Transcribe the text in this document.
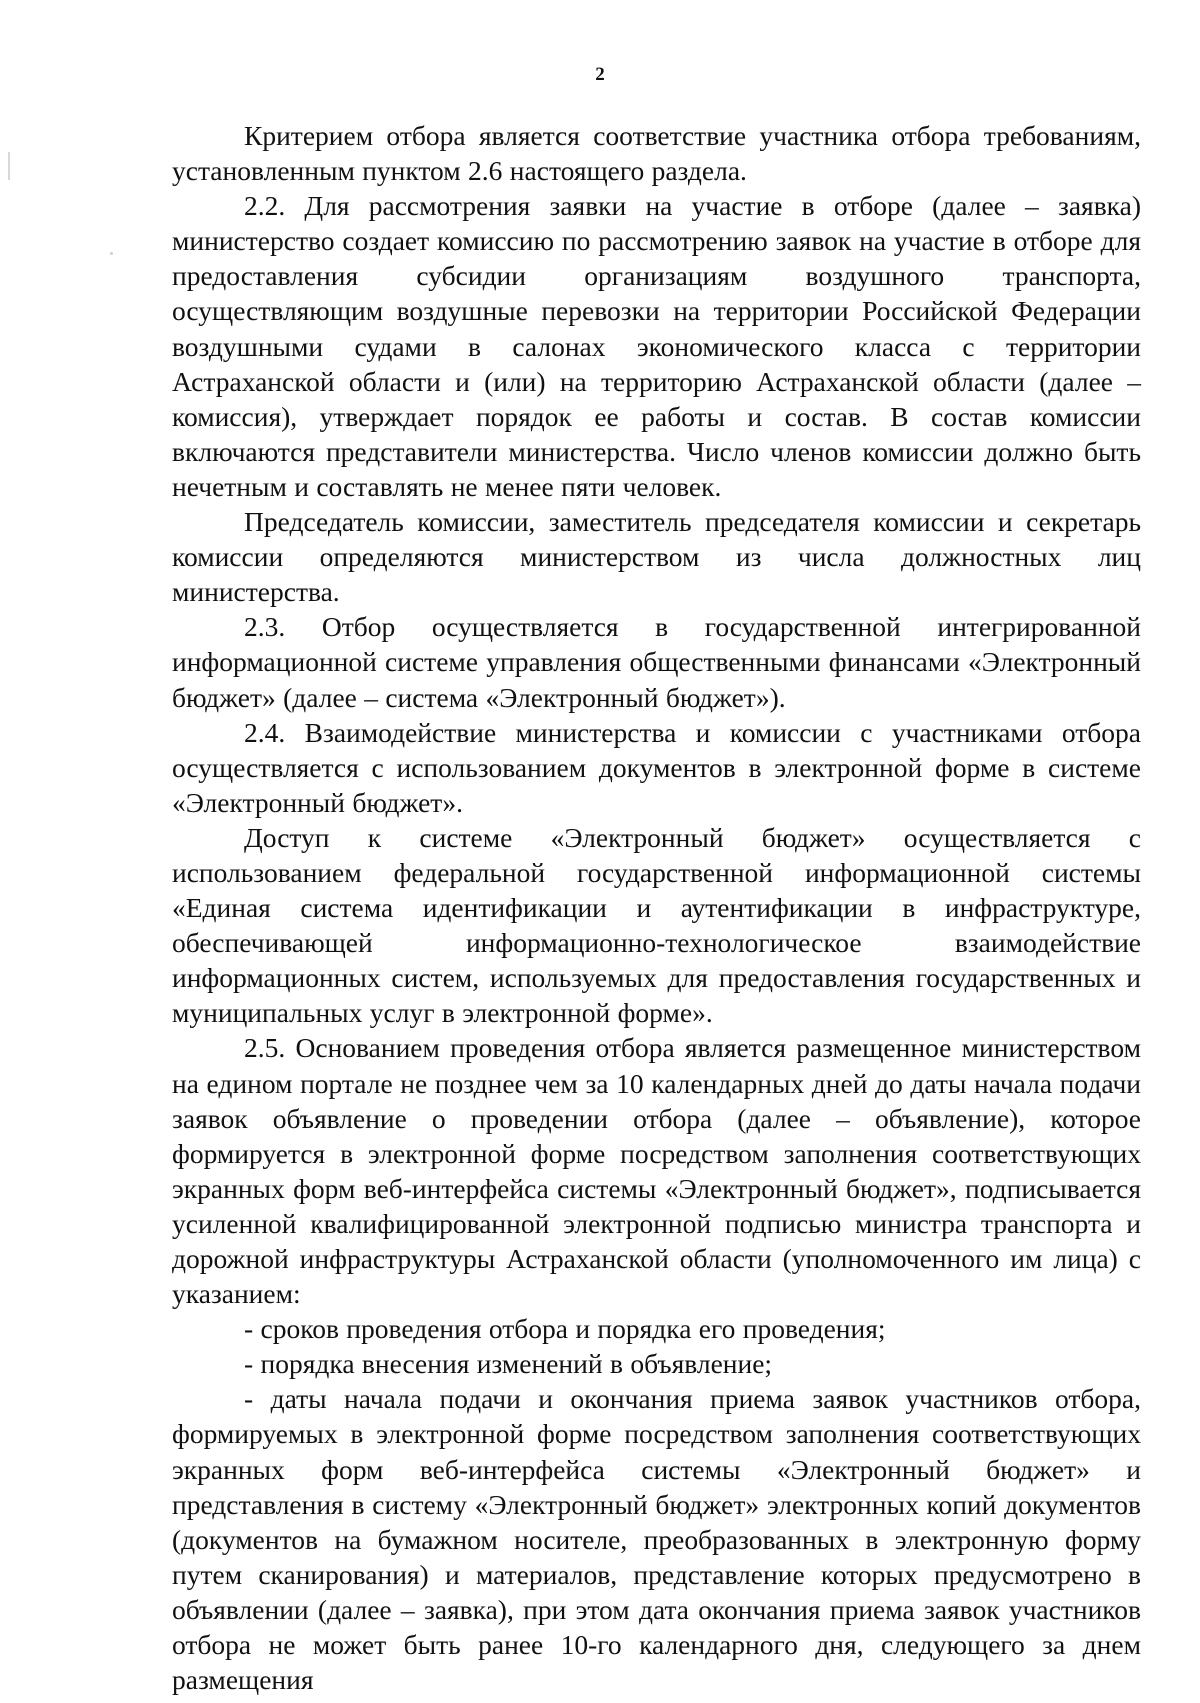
2

Критерием отбора является соответствие участника отбора требованиям, установленным пунктом 2.6 настоящего раздела.

2.2. Для рассмотрения заявки на участие в отборе (далее – заявка) министерство создает комиссию по рассмотрению заявок на участие в отборе для предоставления субсидии организациям воздушного транспорта, осуществляющим воздушные перевозки на территории Российской Федерации воздушными судами в салонах экономического класса с территории Астраханской области и (или) на территорию Астраханской области (далее – комиссия), утверждает порядок ее работы и состав. В состав комиссии включаются представители министерства. Число членов комиссии должно быть нечетным и составлять не менее пяти человек.

Председатель комиссии, заместитель председателя комиссии и секретарь комиссии определяются министерством из числа должностных лиц министерства.

2.3. Отбор осуществляется в государственной интегрированной информационной системе управления общественными финансами «Электронный бюджет» (далее – система «Электронный бюджет»).

2.4. Взаимодействие министерства и комиссии с участниками отбора осуществляется с использованием документов в электронной форме в системе «Электронный бюджет».

Доступ к системе «Электронный бюджет» осуществляется с использованием федеральной государственной информационной системы «Единая система идентификации и аутентификации в инфраструктуре, обеспечивающей информационно-технологическое взаимодействие информационных систем, используемых для предоставления государственных и муниципальных услуг в электронной форме».

2.5. Основанием проведения отбора является размещенное министерством на едином портале не позднее чем за 10 календарных дней до даты начала подачи заявок объявление о проведении отбора (далее – объявление), которое формируется в электронной форме посредством заполнения соответствующих экранных форм веб-интерфейса системы «Электронный бюджет», подписывается усиленной квалифицированной электронной подписью министра транспорта и дорожной инфраструктуры Астраханской области (уполномоченного им лица) с указанием:

- сроков проведения отбора и порядка его проведения;

- порядка внесения изменений в объявление;

- даты начала подачи и окончания приема заявок участников отбора, формируемых в электронной форме посредством заполнения соответствующих экранных форм веб-интерфейса системы «Электронный бюджет» и представления в систему «Электронный бюджет» электронных копий документов (документов на бумажном носителе, преобразованных в электронную форму путем сканирования) и материалов, представление которых предусмотрено в объявлении (далее – заявка), при этом дата окончания приема заявок участников отбора не может быть ранее 10-го календарного дня, следующего за днем размещения
